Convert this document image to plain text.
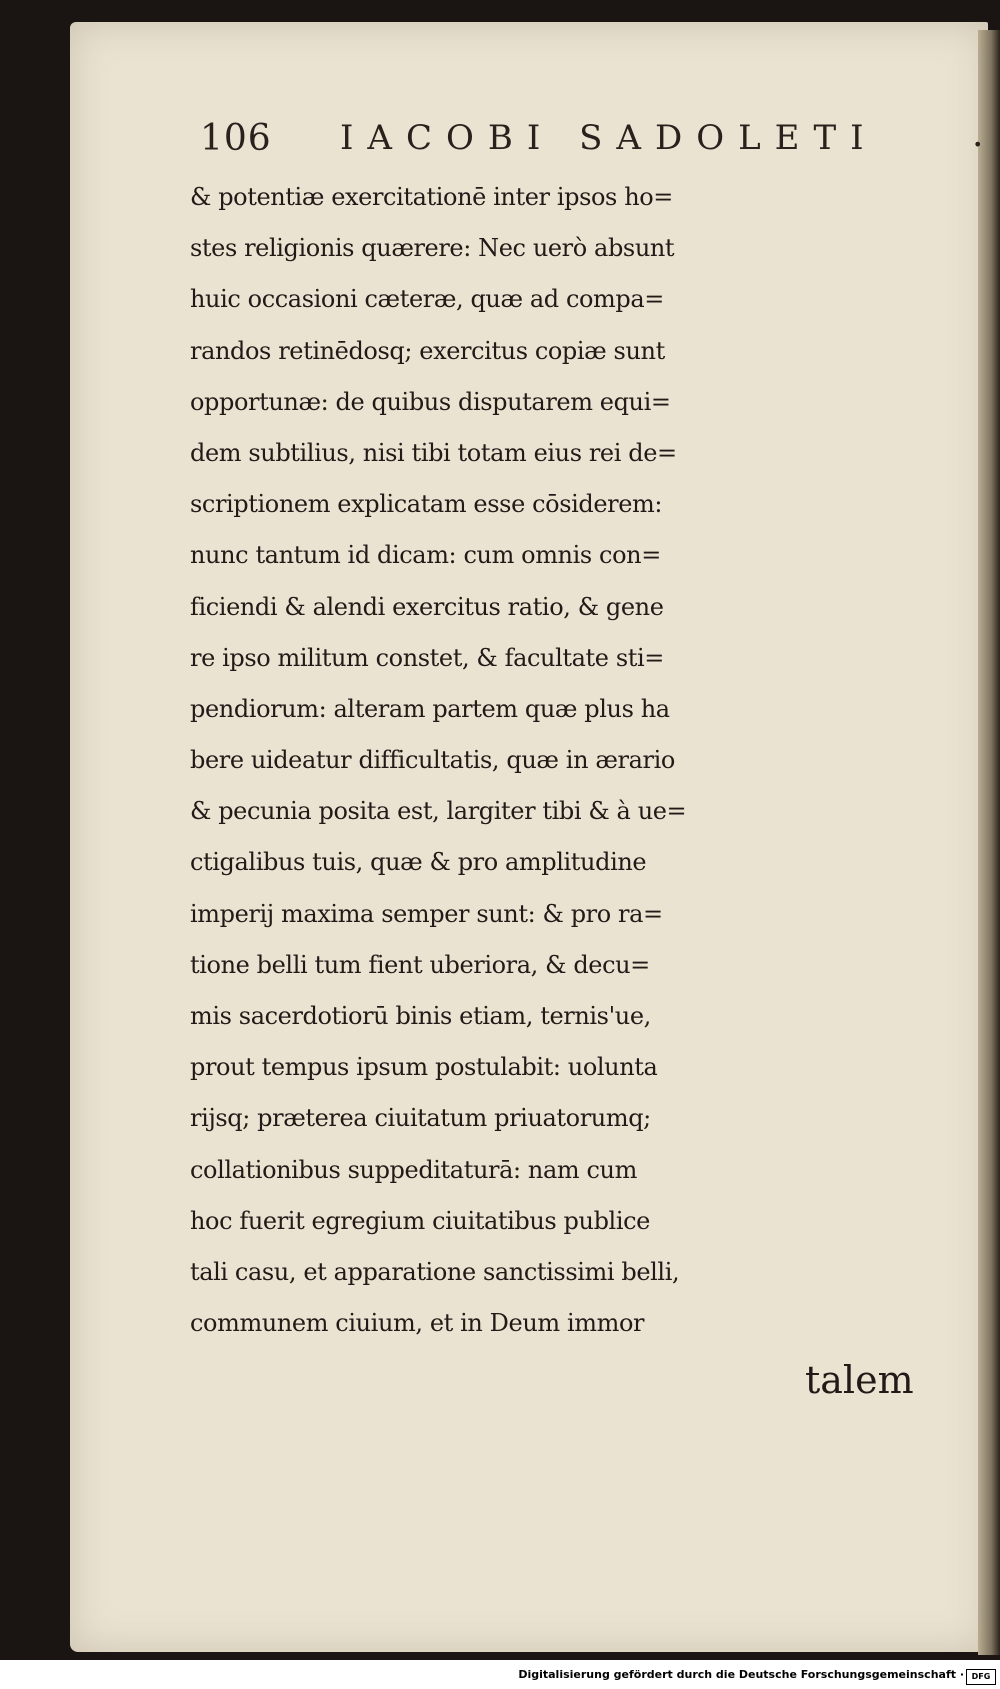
106 IACOBI SADOLETI	.
& potentiæ exercitationē inter ipsos ho=
stes religionis quærere: Nec uerò absunt
huic occasioni cæteræ, quæ ad compa=
randos retinēdosq; exercitus copiæ sunt
opportunæ: de quibus disputarem equi=
dem subtilius, nisi tibi totam eius rei de=
scriptionem explicatam esse cōsiderem:
nunc tantum id dicam: cum omnis con=
ficiendi & alendi exercitus ratio, & gene
re ipso militum constet, & facultate sti=
pendiorum: alteram partem quæ plus ha
bere uideatur difficultatis, quæ in ærario
& pecunia posita est, largiter tibi & à ue=
ctigalibus tuis, quæ & pro amplitudine
imperij maxima semper sunt: & pro ra=
tione belli tum fient uberiora, & decu=
mis sacerdotiorū binis etiam, ternis'ue,
prout tempus ipsum postulabit: uolunta
rijsq; præterea ciuitatum priuatorumq;
collationibus suppeditaturā: nam cum
hoc fuerit egregium ciuitatibus publice
tali casu, et apparatione sanctissimi belli,
communem ciuium, et in Deum immor
talem
Digitalisierung gefördert durch die Deutsche Forschungsgemeinschaft · DFG
